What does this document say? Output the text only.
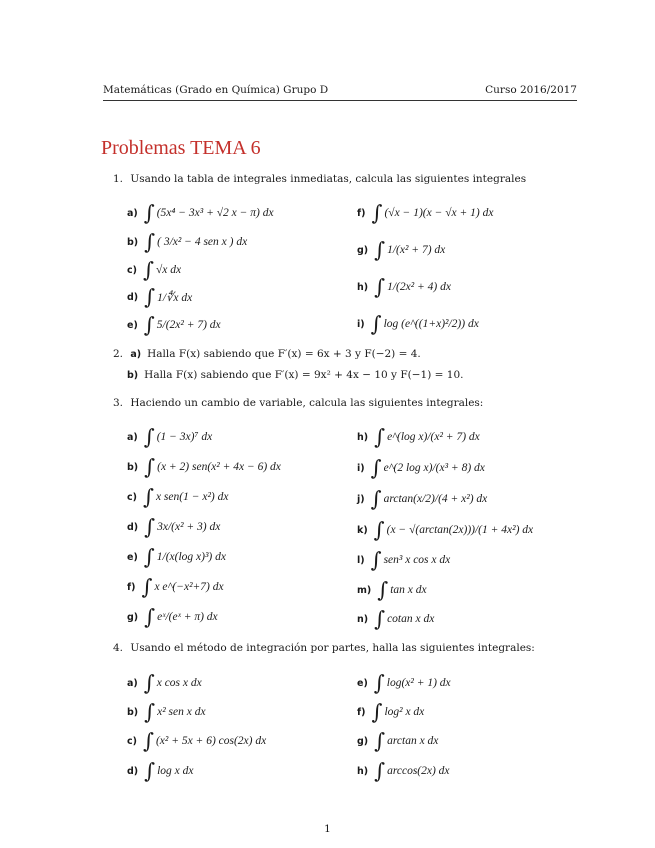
Matemáticas (Grado en Química) Grupo D	Curso 2016/2017
Problemas TEMA 6
1. Usando la tabla de integrales inmediatas, calcula las siguientes integrales
a) ∫ (5x⁴ − 3x³ + √2 x − π) dx
b) ∫ ( 3/x² − 4 sen x ) dx
c) ∫ √x dx
d) ∫ 1/∜x dx
e) ∫ 5/(2x² + 7) dx
f) ∫ (√x − 1)(x − √x + 1) dx
g) ∫ 1/(x² + 7) dx
h) ∫ 1/(2x² + 4) dx
i) ∫ log (e^((1+x)²/2)) dx
2. a) Halla F(x) sabiendo que F′(x) = 6x + 3 y F(−2) = 4.
b) Halla F(x) sabiendo que F′(x) = 9x² + 4x − 10 y F(−1) = 10.
3. Haciendo un cambio de variable, calcula las siguientes integrales:
a) ∫ (1 − 3x)⁷ dx
b) ∫ (x + 2) sen(x² + 4x − 6) dx
c) ∫ x sen(1 − x²) dx
d) ∫ 3x/(x² + 3) dx
e) ∫ 1/(x(log x)³) dx
f) ∫ x e^(−x²+7) dx
g) ∫ eˣ/(eˣ + π) dx
h) ∫ e^(log x)/(x² + 7) dx
i) ∫ e^(2 log x)/(x³ + 8) dx
j) ∫ arctan(x/2)/(4 + x²) dx
k) ∫ (x − √(arctan(2x)))/(1 + 4x²) dx
l) ∫ sen³ x cos x dx
m) ∫ tan x dx
n) ∫ cotan x dx
4. Usando el método de integración por partes, halla las siguientes integrales:
a) ∫ x cos x dx
b) ∫ x² sen x dx
c) ∫ (x² + 5x + 6) cos(2x) dx
d) ∫ log x dx
e) ∫ log(x² + 1) dx
f) ∫ log² x dx
g) ∫ arctan x dx
h) ∫ arccos(2x) dx
1
